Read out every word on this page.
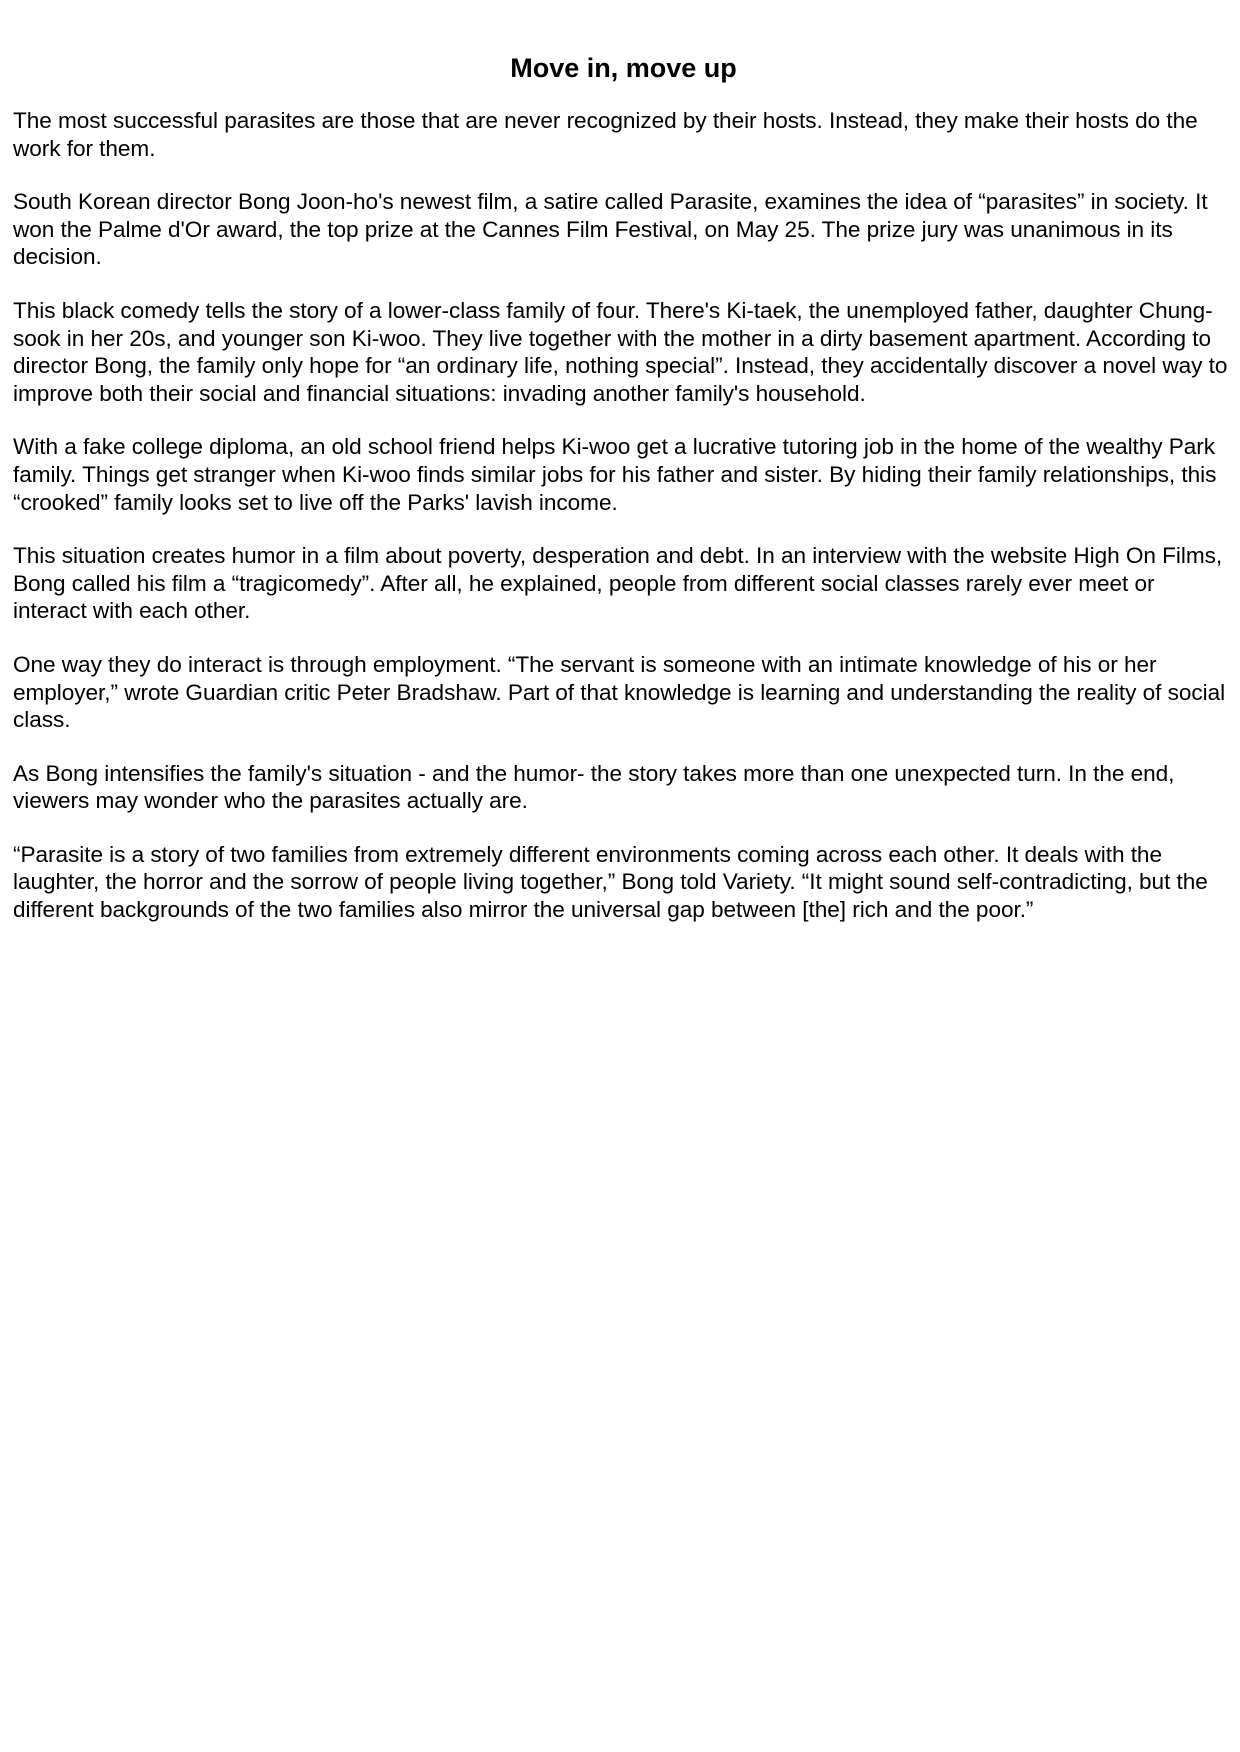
Move in, move up

The most successful parasites are those that are never recognized by their hosts. Instead, they make their hosts do the work for them.

South Korean director Bong Joon-ho's newest film, a satire called Parasite, examines the idea of “parasites” in society. It won the Palme d'Or award, the top prize at the Cannes Film Festival, on May 25. The prize jury was unanimous in its decision.

This black comedy tells the story of a lower-class family of four. There's Ki-taek, the unemployed father, daughter Chung-sook in her 20s, and younger son Ki-woo. They live together with the mother in a dirty basement apartment. According to director Bong, the family only hope for “an ordinary life, nothing special”. Instead, they accidentally discover a novel way to improve both their social and financial situations: invading another family's household.

With a fake college diploma, an old school friend helps Ki-woo get a lucrative tutoring job in the home of the wealthy Park family. Things get stranger when Ki-woo finds similar jobs for his father and sister. By hiding their family relationships, this “crooked” family looks set to live off the Parks' lavish income.

This situation creates humor in a film about poverty, desperation and debt. In an interview with the website High On Films, Bong called his film a “tragicomedy”. After all, he explained, people from different social classes rarely ever meet or interact with each other.

One way they do interact is through employment. “The servant is someone with an intimate knowledge of his or her employer,” wrote Guardian critic Peter Bradshaw. Part of that knowledge is learning and understanding the reality of social class.

As Bong intensifies the family's situation - and the humor- the story takes more than one unexpected turn. In the end, viewers may wonder who the parasites actually are.

“Parasite is a story of two families from extremely different environments coming across each other. It deals with the laughter, the horror and the sorrow of people living together,” Bong told Variety. “It might sound self-contradicting, but the different backgrounds of the two families also mirror the universal gap between [the] rich and the poor.”
